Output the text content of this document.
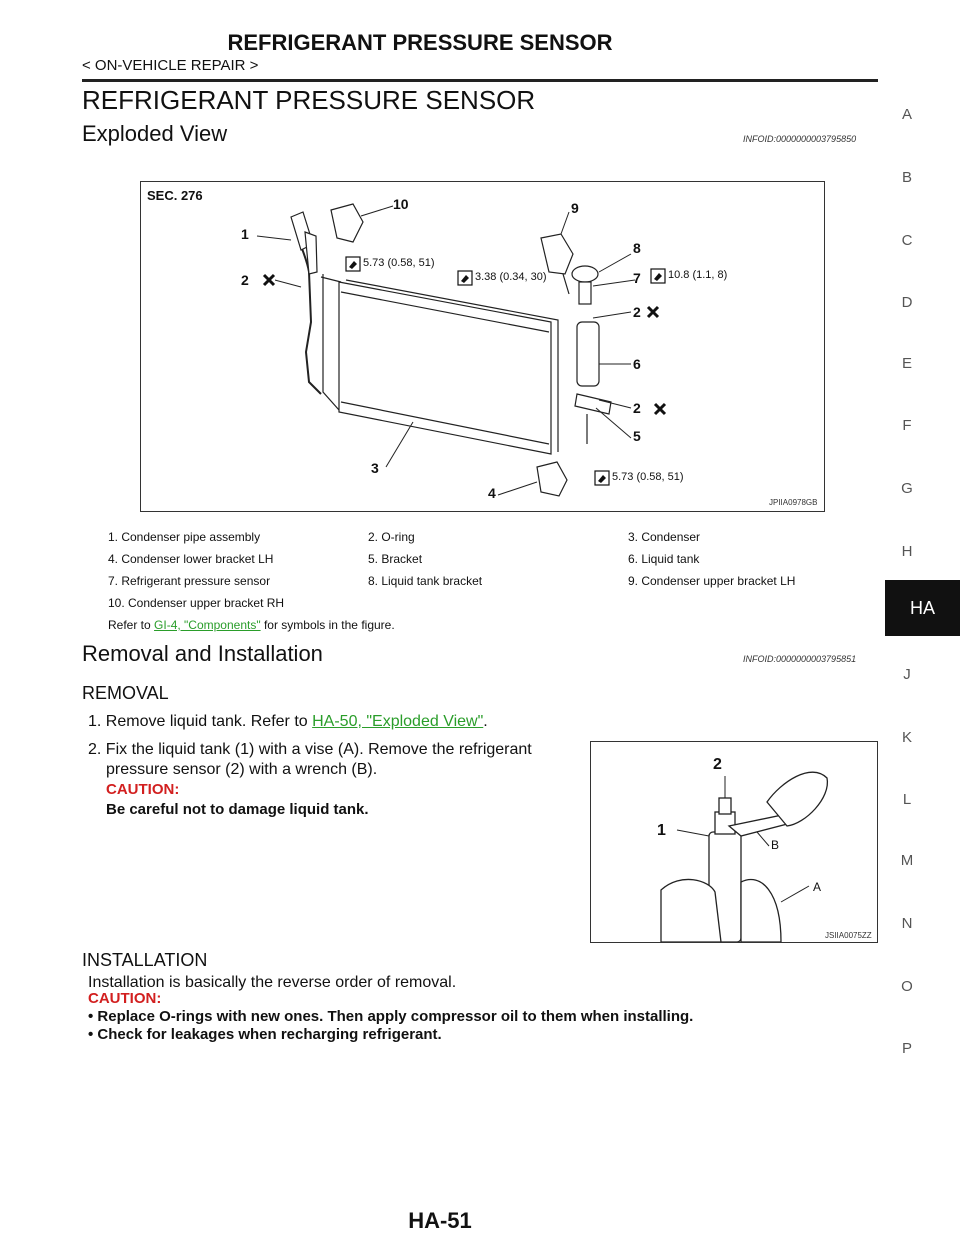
REFRIGERANT PRESSURE SENSOR
< ON-VEHICLE REPAIR >
REFRIGERANT PRESSURE SENSOR	A
B
C
D
E
F
G
H
HA
J
K
L
M
N
O
P
Exploded View	INFOID:0000000003795850
SEC. 276
5.73 (0.58, 51)
3.38 (0.34, 30)	10.8 (1.1, 8)
5.73 (0.58, 51)
JPIIA0978GB
1
2
3
4
5
6
7
8
9
10
2
2
1. Condenser pipe assembly	2. O-ring	3. Condenser
4. Condenser lower bracket LH	5. Bracket	6. Liquid tank
7. Refrigerant pressure sensor	8. Liquid tank bracket	9. Condenser upper bracket LH
10. Condenser upper bracket RH		
Refer to GI-4, "Components" for symbols in the figure.
Removal and Installation	INFOID:0000000003795851
REMOVAL
1. Remove liquid tank. Refer to HA-50, "Exploded View".
2. Fix the liquid tank (1) with a vise (A). Remove the refrigerant
pressure sensor (2) with a wrench (B).
CAUTION:
Be careful not to damage liquid tank.
2
1
B
A
JSIIA0075ZZ
INSTALLATION
Installation is basically the reverse order of removal.
CAUTION:
• Replace O-rings with new ones. Then apply compressor oil to them when installing.
• Check for leakages when recharging refrigerant.
HA-51
